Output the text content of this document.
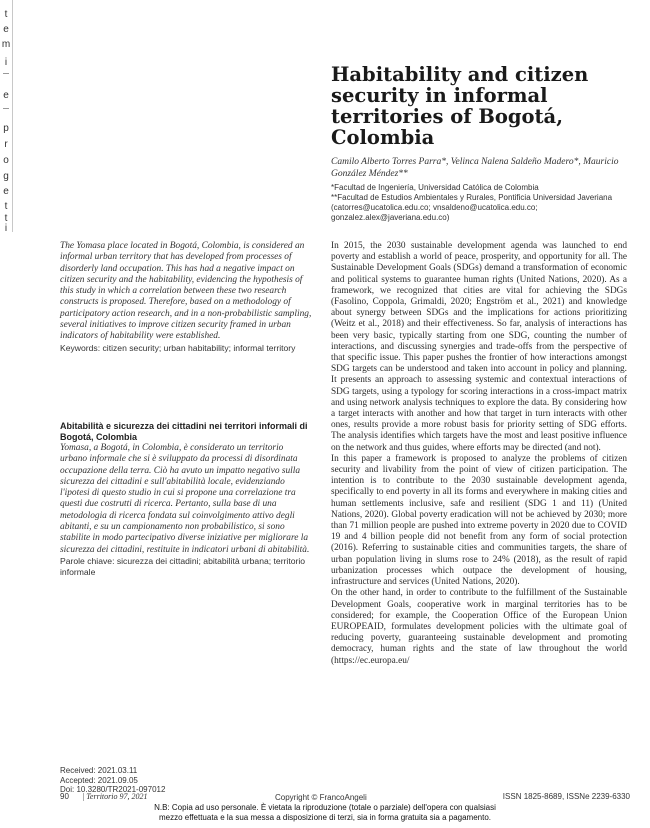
t
e
m
i
e
p
r
o
g
e
t
t
i
Habitability and citizen security in informal territories of Bogotá, Colombia
Camilo Alberto Torres Parra*, Velinca Nalena Saldeño Madero*, Mauricio González Méndez**
*Facultad de Ingeniería, Universidad Católica de Colombia
**Facultad de Estudios Ambientales y Rurales, Pontificia Universidad Javeriana
(catorres@ucatolica.edu.co; vnsaldeno@ucatolica.edu.co; gonzalez.alex@javeriana.edu.co)
The Yomasa place located in Bogotá, Colombia, is considered an informal urban territory that has developed from processes of disorderly land occupation. This has had a negative impact on citizen security and the habitability, evidencing the hypothesis of this study in which a correlation between these two research constructs is proposed. Therefore, based on a methodology of participatory action research, and in a non-probabilistic sampling, several initiatives to improve citizen security framed in urban indicators of habitability were established.
Keywords: citizen security; urban habitability; informal territory
Abitabilità e sicurezza dei cittadini nei territori informali di Bogotá, Colombia
Yomasa, a Bogotá, in Colombia, è considerato un territorio urbano informale che si è sviluppato da processi di disordinata occupazione della terra. Ciò ha avuto un impatto negativo sulla sicurezza dei cittadini e sull'abitabilità locale, evidenziando l'ipotesi di questo studio in cui si propone una correlazione tra questi due costrutti di ricerca. Pertanto, sulla base di una metodologia di ricerca fondata sul coinvolgimento attivo degli abitanti, e su un campionamento non probabilistico, si sono stabilite in modo partecipativo diverse iniziative per migliorare la sicurezza dei cittadini, restituite in indicatori urbani di abitabilità.
Parole chiave: sicurezza dei cittadini; abitabilità urbana; territorio informale
Received: 2021.03.11
Accepted: 2021.09.05
Doi: 10.3280/TR2021-097012

In 2015, the 2030 sustainable development agenda was launched to end poverty and establish a world of peace, prosperity, and opportunity for all. The Sustainable Development Goals (SDGs) demand a transformation of economic and political systems to guarantee human rights (United Nations, 2020). As a framework, we recognized that cities are vital for achieving the SDGs (Fasolino, Coppola, Grimaldi, 2020; Engström et al., 2021) and knowledge about synergy between SDGs and the implications for actions prioritizing (Weitz et al., 2018) and their effectiveness. So far, analysis of interactions has been very basic, typically starting from one SDG, counting the number of interactions, and discussing synergies and trade-offs from the perspective of that specific issue. This paper pushes the frontier of how interactions amongst SDG targets can be understood and taken into account in policy and planning. It presents an approach to assessing systemic and contextual interactions of SDG targets, using a typology for scoring interactions in a cross-impact matrix and using network analysis techniques to explore the data. By considering how a target interacts with another and how that target in turn interacts with other ones, results provide a more robust basis for priority setting of SDG efforts. The analysis identifies which targets have the most and least positive influence on the network and thus guides, where efforts may be directed (and not).

In this paper a framework is proposed to analyze the problems of citizen security and livability from the point of view of citizen participation. The intention is to contribute to the 2030 sustainable development agenda, specifically to end poverty in all its forms and everywhere in making cities and human settlements inclusive, safe and resilient (SDG 1 and 11) (United Nations, 2020). Global poverty eradication will not be achieved by 2030; more than 71 million people are pushed into extreme poverty in 2020 due to COVID 19 and 4 billion people did not benefit from any form of social protection (2016). Referring to sustainable cities and communities targets, the share of urban population living in slums rose to 24% (2018), as the result of rapid urbanization processes which outpace the development of housing, infrastructure and services (United Nations, 2020).

On the other hand, in order to contribute to the fulfillment of the Sustainable Development Goals, cooperative work in marginal territories has to be considered; for example, the Cooperation Office of the European Union EUROPEAID, formulates development policies with the ultimate goal of reducing poverty, guaranteeing sustainable development and promoting democracy, human rights and the state of law throughout the world (https://ec.europa.eu/

90 | Territorio 97, 2021	Copyright © FrancoAngeli	ISSN 1825-8689, ISSNe 2239-6330
N.B: Copia ad uso personale. È vietata la riproduzione (totale o parziale) dell'opera con qualsiasi
mezzo effettuata e la sua messa a disposizione di terzi, sia in forma gratuita sia a pagamento.
